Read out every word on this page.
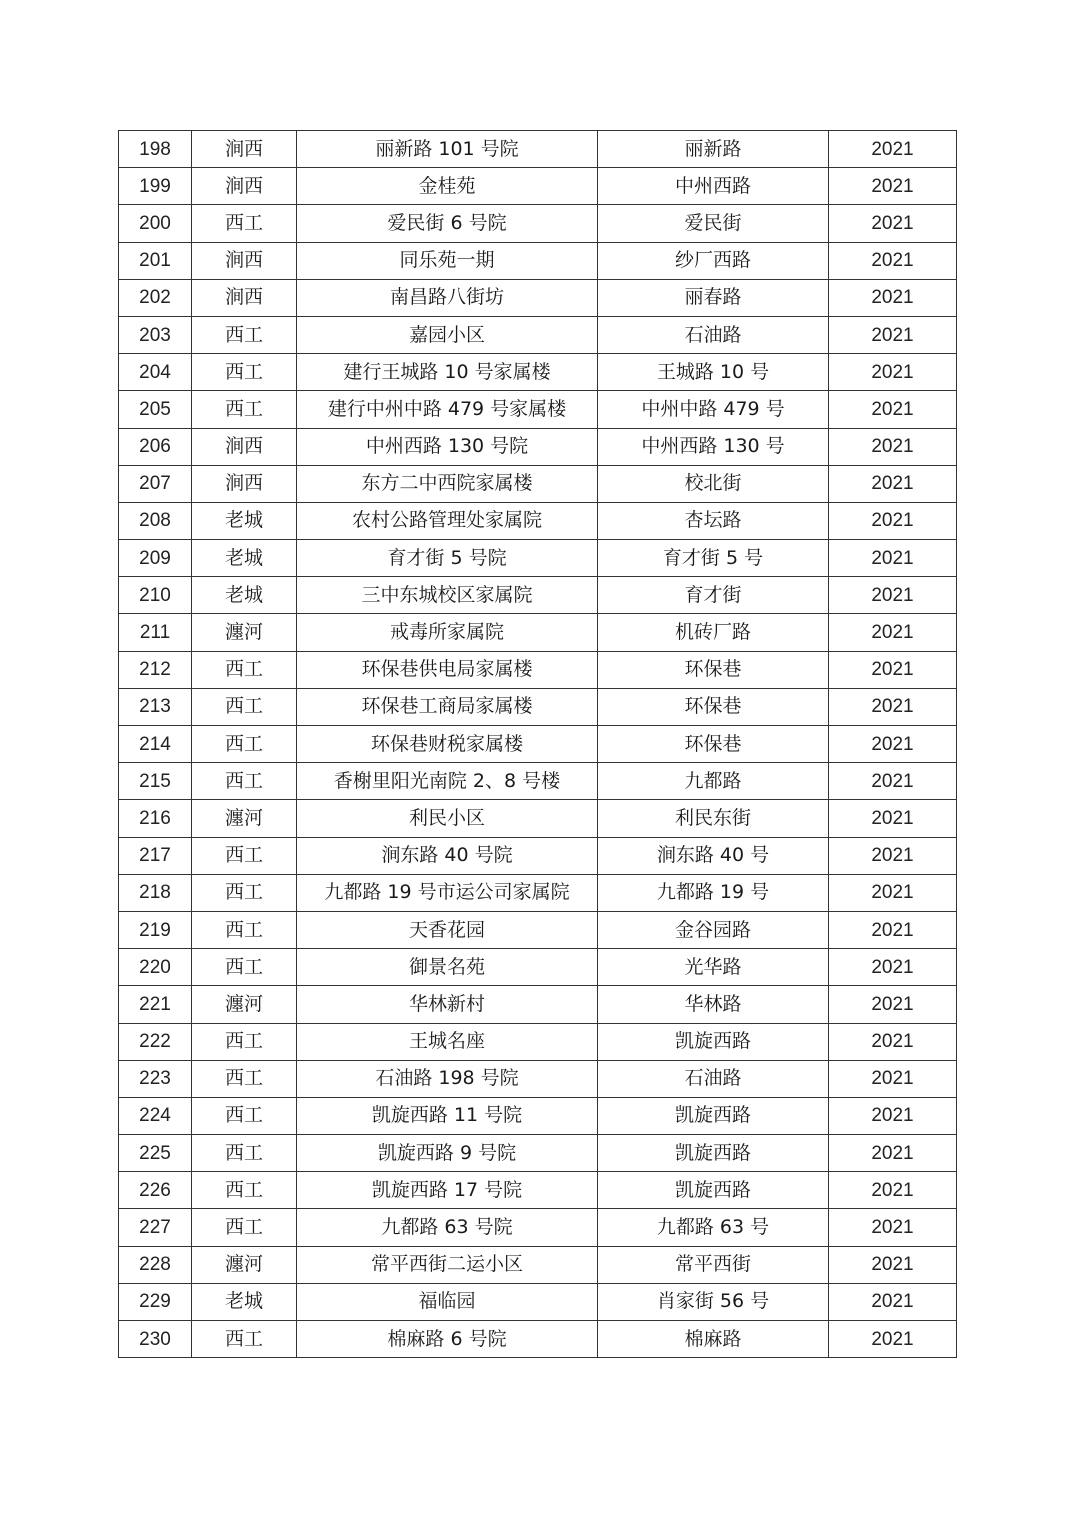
198	涧西	丽新路 101 号院	丽新路	2021
199	涧西	金桂苑	中州西路	2021
200	西工	爱民街 6 号院	爱民街	2021
201	涧西	同乐苑一期	纱厂西路	2021
202	涧西	南昌路八街坊	丽春路	2021
203	西工	嘉园小区	石油路	2021
204	西工	建行王城路 10 号家属楼	王城路 10 号	2021
205	西工	建行中州中路 479 号家属楼	中州中路 479 号	2021
206	涧西	中州西路 130 号院	中州西路 130 号	2021
207	涧西	东方二中西院家属楼	校北街	2021
208	老城	农村公路管理处家属院	杏坛路	2021
209	老城	育才街 5 号院	育才街 5 号	2021
210	老城	三中东城校区家属院	育才街	2021
211	瀍河	戒毒所家属院	机砖厂路	2021
212	西工	环保巷供电局家属楼	环保巷	2021
213	西工	环保巷工商局家属楼	环保巷	2021
214	西工	环保巷财税家属楼	环保巷	2021
215	西工	香榭里阳光南院 2、8 号楼	九都路	2021
216	瀍河	利民小区	利民东街	2021
217	西工	涧东路 40 号院	涧东路 40 号	2021
218	西工	九都路 19 号市运公司家属院	九都路 19 号	2021
219	西工	天香花园	金谷园路	2021
220	西工	御景名苑	光华路	2021
221	瀍河	华林新村	华林路	2021
222	西工	王城名座	凯旋西路	2021
223	西工	石油路 198 号院	石油路	2021
224	西工	凯旋西路 11 号院	凯旋西路	2021
225	西工	凯旋西路 9 号院	凯旋西路	2021
226	西工	凯旋西路 17 号院	凯旋西路	2021
227	西工	九都路 63 号院	九都路 63 号	2021
228	瀍河	常平西街二运小区	常平西街	2021
229	老城	福临园	肖家街 56 号	2021
230	西工	棉麻路 6 号院	棉麻路	2021
